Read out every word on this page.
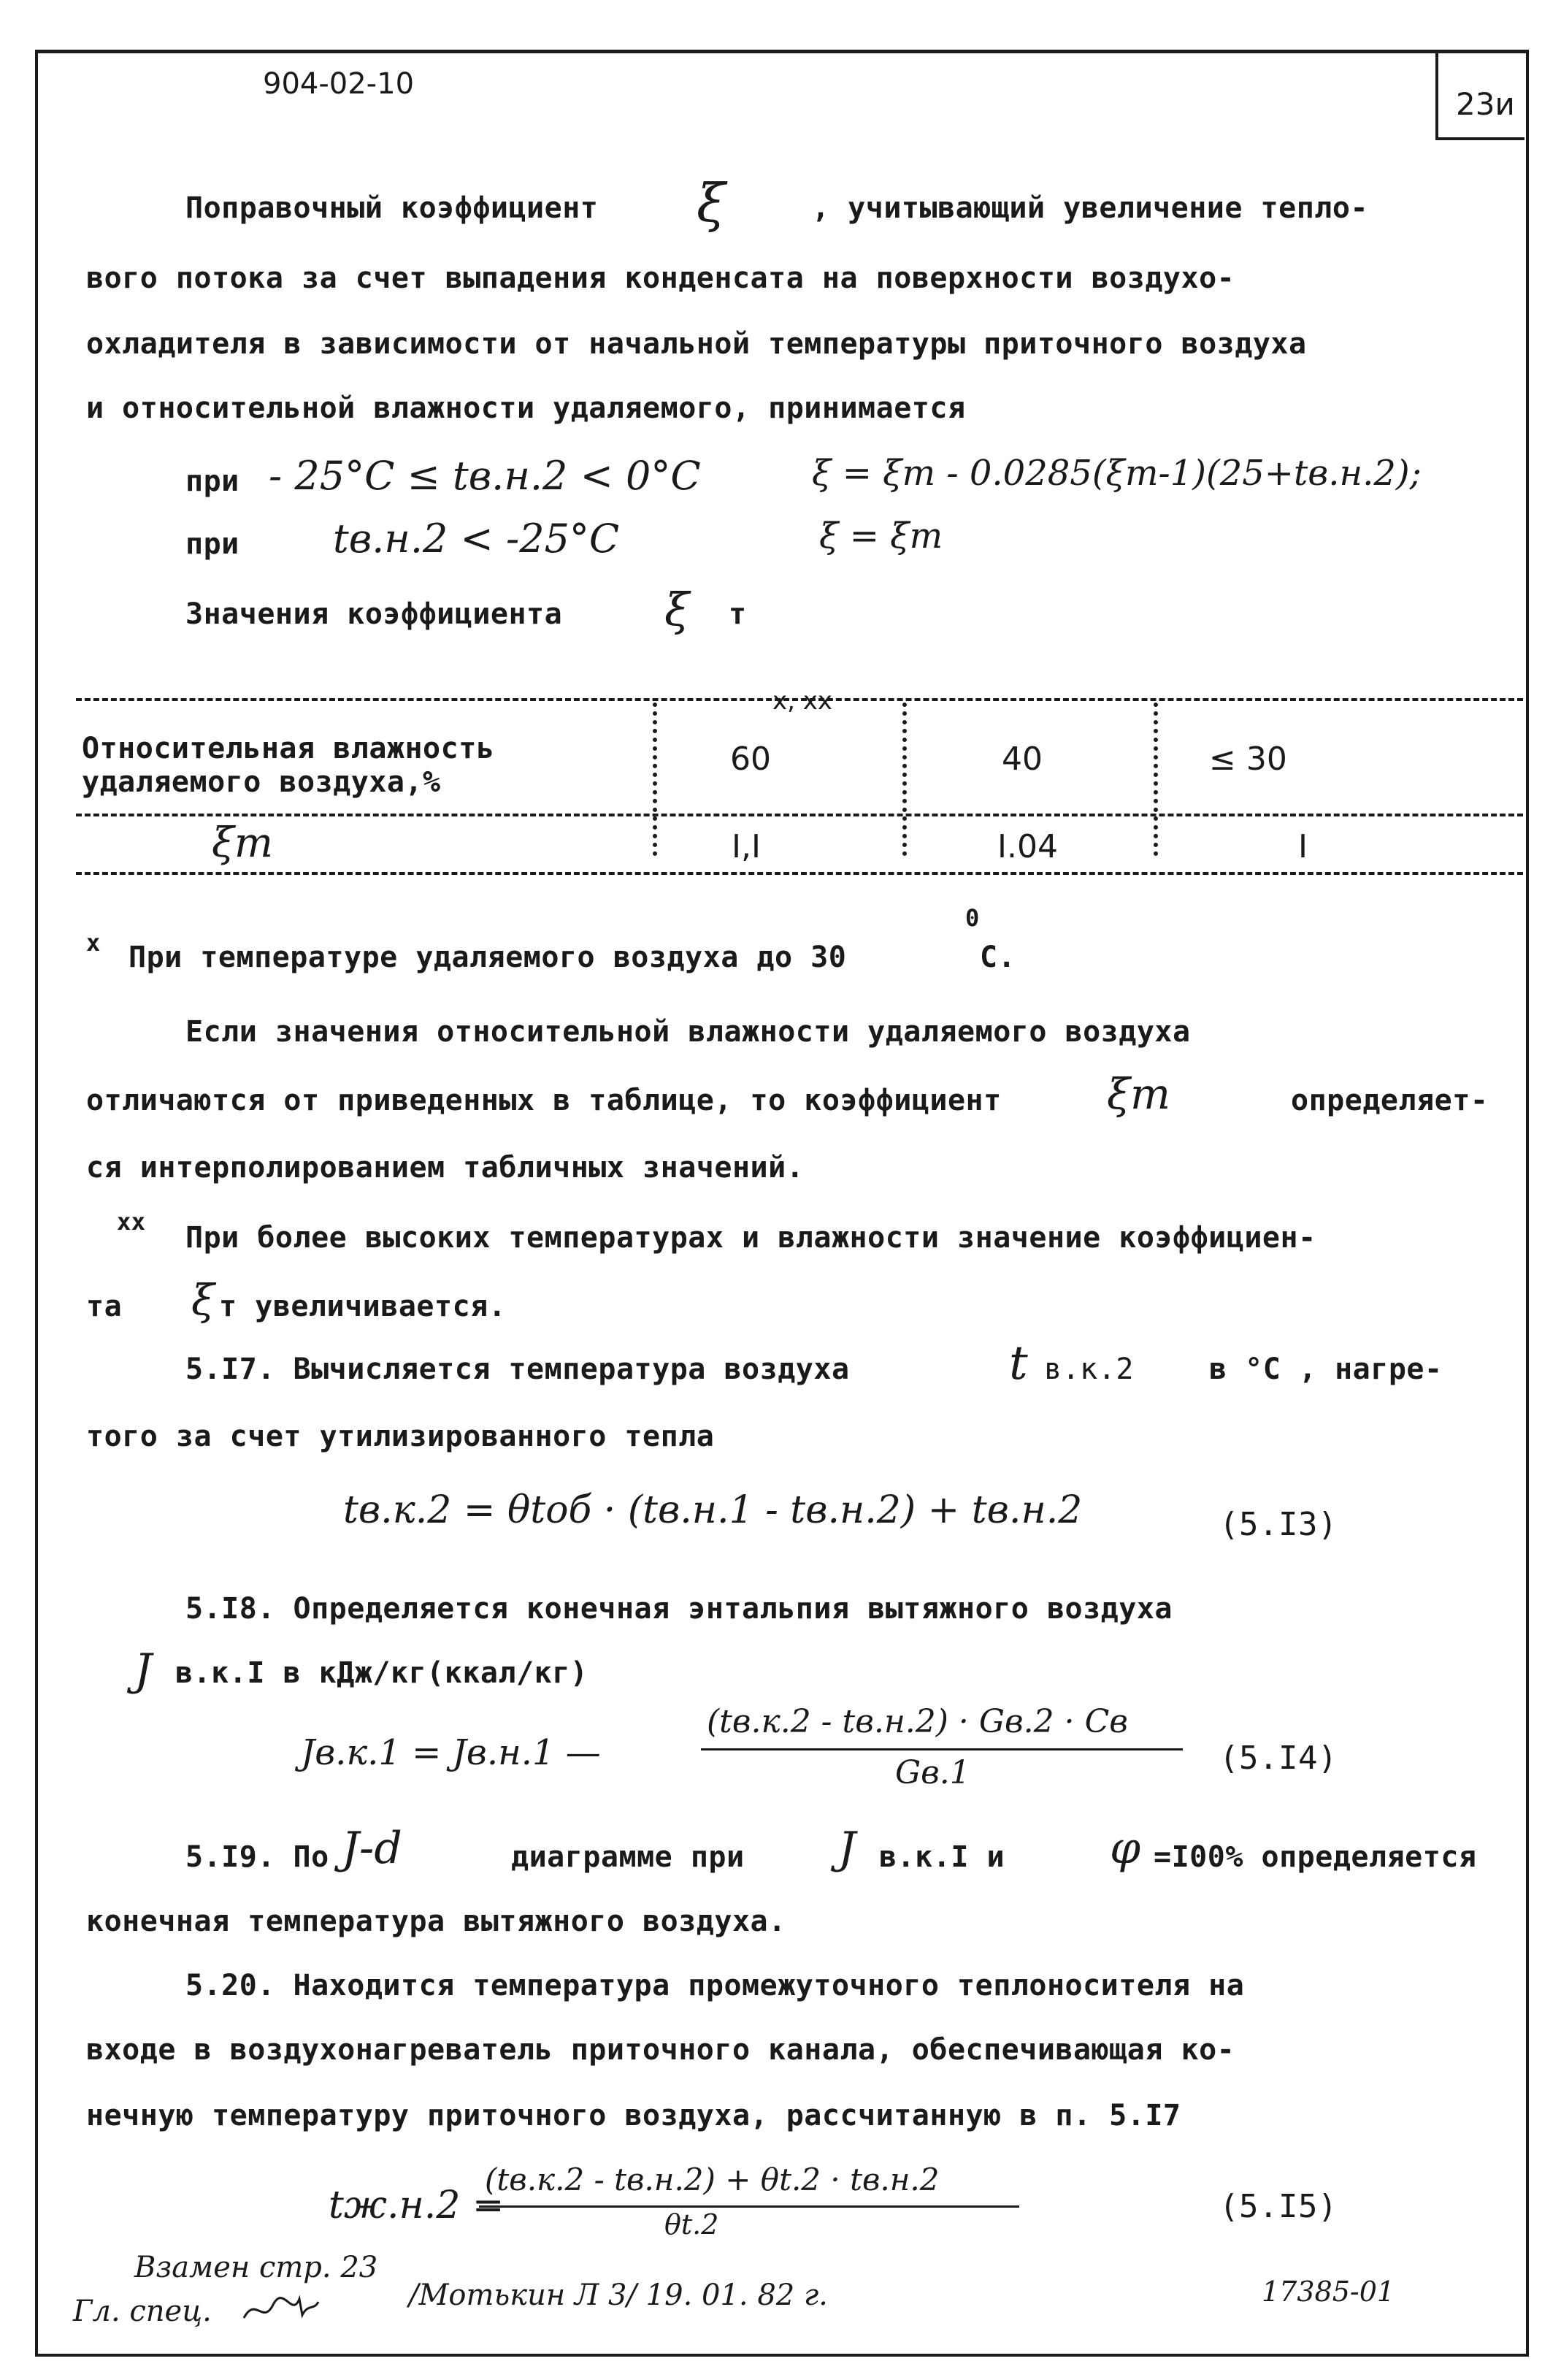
904-02-10
23и
Поправочный коэффициент ξ	, учитывающий увеличение тепло-
вого потока за счет выпадения конденсата на поверхности воздухо-
охладителя в зависимости от начальной температуры приточного воздуха
и относительной влажности удаляемого, принимается
при - 25°C ≤ tв.н.2 < 0°C	ξ = ξт - 0.0285(ξт-1)(25+tв.н.2);
при tв.н.2 < -25°C	ξ = ξт
Значения коэффициента ξ т
x, xx
Относительная влажность
удаляемого воздуха,%
60	40	≤ 30
ξт	I,I	I.04	I
x При температуре удаляемого воздуха до 30
0
С.
Если значения относительной влажности удаляемого воздуха
отличаются от приведенных в таблице, то коэффициент ξт	определяет-
ся интерполированием табличных значений.
xx При более высоких температурах и влажности значение коэффициен-
та ξ т увеличивается.
5.I7. Вычисляется температура воздуха	t в.к.2	в °С , нагре-
того за счет утилизированного тепла
tв.к.2 = θtоб · (tв.н.1 - tв.н.2) + tв.н.2	(5.I3)
5.I8. Определяется конечная энтальпия вытяжного воздуха
J в.к.I в кДж/кг(ккал/кг)
Jв.к.1 = Jв.н.1 —
(tв.к.2 - tв.н.2) · Gв.2 · Cв
Gв.1	(5.I4)
5.I9. По J-d	диаграмме при J в.к.I и φ =I00% определяется
конечная температура вытяжного воздуха.
5.20. Находится температура промежуточного теплоносителя на
входе в воздухонагреватель приточного канала, обеспечивающая ко-
нечную температуру приточного воздуха, рассчитанную в п. 5.I7
tж.н.2 =
(tв.к.2 - tв.н.2) + θt.2 · tв.н.2
θt.2	(5.I5)
Взамен стр. 23
Гл. спец.	/Мотькин Л 3/ 19. 01. 82 г.	17385-01
